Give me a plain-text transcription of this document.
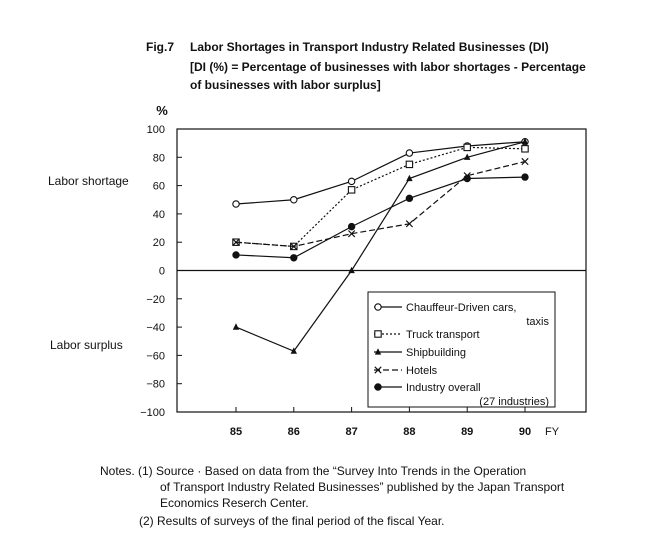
Fig.7 Labor Shortages in Transport Industry Related Businesses (DI)
[DI (%) = Percentage of businesses with labor shortages - Percentage
of businesses with labor surplus]
Labor shortage
Labor surplus
%
100
80
60
40
20
0
−20
−40
−60
−80
−100
85	86	87	88	89	90 FY
Chauffeur-Driven cars,
taxis
Truck transport
Shipbuilding
Hotels
Industry overall
(27 industries)
Notes. (1) Source · Based on data from the “Survey Into Trends in the Operation
of Transport Industry Related Businesses” published by the Japan Transport
Economics Reserch Center.
(2) Results of surveys of the final period of the fiscal Year.
